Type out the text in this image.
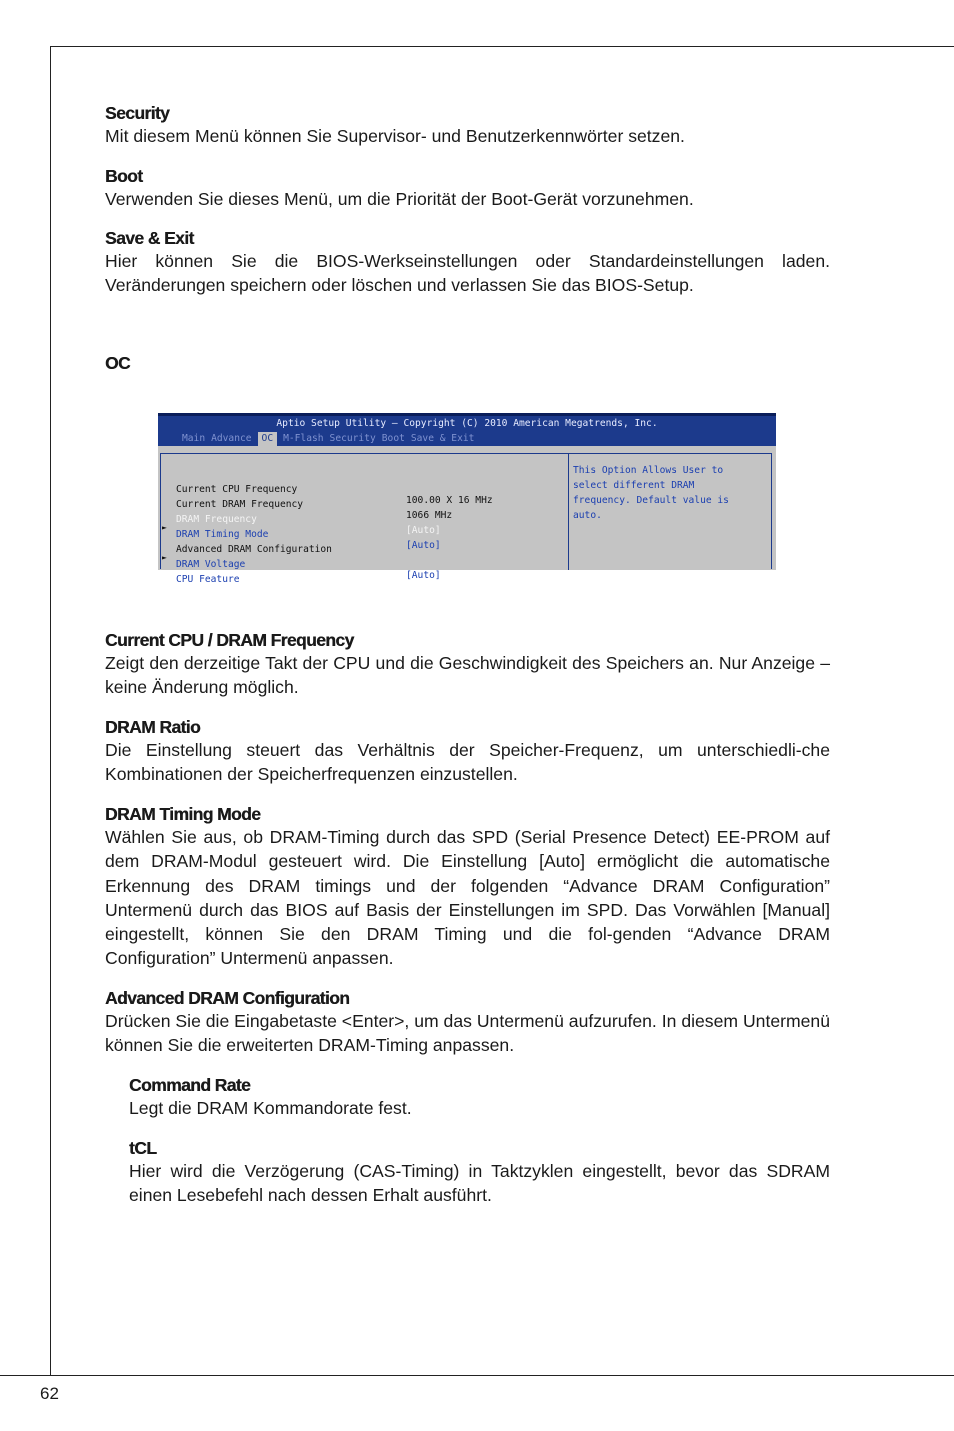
Security
Mit diesem Menü können Sie Supervisor- und Benutzerkennwörter setzen.
Boot
Verwenden Sie dieses Menü, um die Priorität der Boot-Gerät vorzunehmen.
Save & Exit
Hier können Sie die BIOS-Werkseinstellungen oder Standardeinstellungen laden. Veränderungen speichern oder löschen und verlassen Sie das BIOS-Setup.
OC
Aptio Setup Utility – Copyright (C) 2010 American Megatrends, Inc.
Main Advance	OC	M-Flash Security Boot Save & Exit

Current CPU Frequency

100.00 X 16 MHz

Current DRAM Frequency

1066 MHz

DRAM Frequency

[Auto]

DRAM Timing Mode

[Auto]

►

Advanced DRAM Configuration

DRAM Voltage

[Auto]

►

CPU Feature

This Option Allows User to
select different DRAM
frequency. Default value is
auto.
Current CPU / DRAM Frequency
Zeigt den derzeitige Takt der CPU und die Geschwindigkeit des Speichers an. Nur Anzeige – keine Änderung möglich.
DRAM Ratio
Die Einstellung steuert das Verhältnis der Speicher-Frequenz, um unterschiedli-che Kombinationen der Speicherfrequenzen einzustellen.
DRAM Timing Mode
Wählen Sie aus, ob DRAM-Timing durch das SPD (Serial Presence Detect) EE-PROM auf dem DRAM-Modul gesteuert wird. Die Einstellung [Auto] ermöglicht die automatische Erkennung des DRAM timings und der folgenden “Advance DRAM Configuration” Untermenü durch das BIOS auf Basis der Einstellungen im SPD. Das Vorwählen [Manual] eingestellt, können Sie den DRAM Timing und die fol-genden “Advance DRAM Configuration” Untermenü anpassen.
Advanced DRAM Configuration
Drücken Sie die Eingabetaste <Enter>, um das Untermenü aufzurufen. In diesem Untermenü können Sie die erweiterten DRAM-Timing anpassen.
Command Rate
Legt die DRAM Kommandorate fest.
tCL
Hier wird die Verzögerung (CAS-Timing) in Taktzyklen eingestellt, bevor das SDRAM einen Lesebefehl nach dessen Erhalt ausführt.
62
